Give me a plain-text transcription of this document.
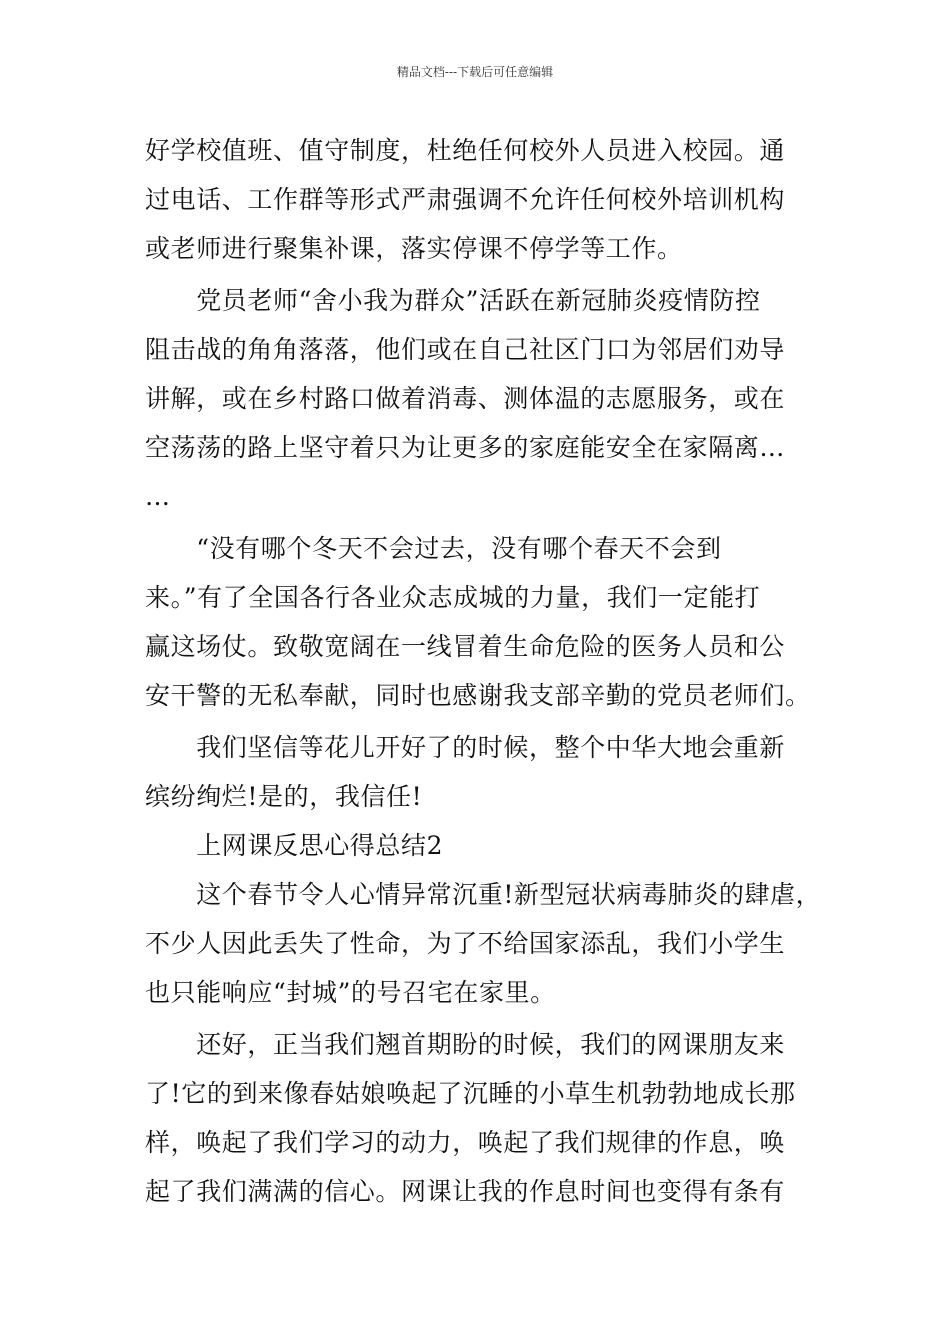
精品文档---下载后可任意编辑
好学校值班、值守制度，杜绝任何校外人员进入校园。通
过电话、工作群等形式严肃强调不允许任何校外培训机构
或老师进行聚集补课，落实停课不停学等工作。
　　党员老师“舍小我为群众”活跃在新冠肺炎疫情防控
阻击战的角角落落，他们或在自己社区门口为邻居们劝导
讲解，或在乡村路口做着消毒、测体温的志愿服务，或在
空荡荡的路上坚守着只为让更多的家庭能安全在家隔离…
…
　　“没有哪个冬天不会过去，没有哪个春天不会到
来。”有了全国各行各业众志成城的力量，我们一定能打
赢这场仗。致敬宽阔在一线冒着生命危险的医务人员和公
安干警的无私奉献，同时也感谢我支部辛勤的党员老师们。
　　我们坚信等花儿开好了的时候，整个中华大地会重新
缤纷绚烂!是的，我信任!
　　上网课反思心得总结2
　　这个春节令人心情异常沉重!新型冠状病毒肺炎的肆虐，
不少人因此丢失了性命，为了不给国家添乱，我们小学生
也只能响应“封城”的号召宅在家里。
　　还好，正当我们翘首期盼的时候，我们的网课朋友来
了!它的到来像春姑娘唤起了沉睡的小草生机勃勃地成长那
样，唤起了我们学习的动力，唤起了我们规律的作息，唤
起了我们满满的信心。网课让我的作息时间也变得有条有
